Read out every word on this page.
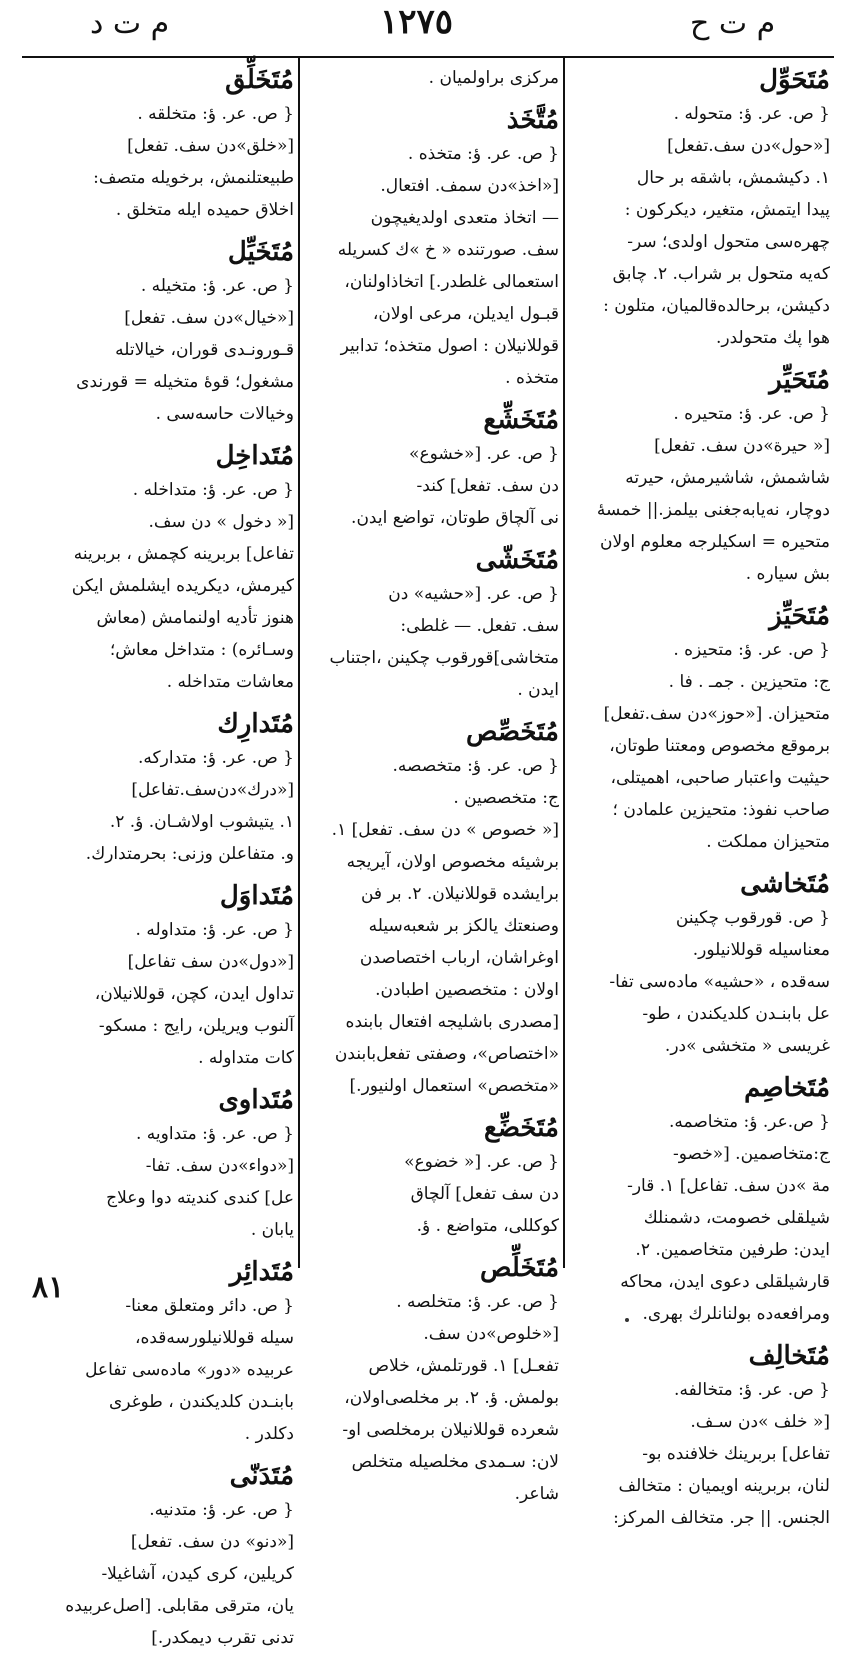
م ت د	١٢٧٥	م ت ح
مُتَحَوِّل
{ ص. عر. ؤ: متحوله .
[«حول»دن سف.تفعل]
١. دكيشمش، باشقه بر حال
پيدا ايتمش، متغير، ديكركون :
چهره‌سى متحول اولدى؛ سر-
كه‌يه متحول بر شراب. ٢. چابق
دكيشن، برحالده‌قالميان، متلون :
هوا پك متحولدر.
مُتَحَيِّر
{ ص. عر. ؤ: متحيره .
[« حيرة»دن سف. تفعل]
شاشمش، شاشيرمش، حيرته
دوچار، نه‌يابه‌جغنى بيلمز.|| خمسهٔ
متحيره = اسكيلرجه معلوم اولان
بش سياره .
مُتَحَيِّز
{ ص. عر. ؤ: متحيزه .
ج: متحيزين . جمـ . فا .
متحيزان. [«حوز»دن سف.تفعل]
برموقع مخصوص ومعتنا طوتان،
حيثيت واعتبار صاحبى، اهميتلى،
صاحب نفوذ: متحيزين علمادن ؛
متحيزان مملكت .
مُتَخاشى
{ ص. قورقوب چكينن
معناسيله قوللانيلور.
سه‌قده ، «حشيه» ماده‌سى تفا-
عل بابنـدن كلديكندن ، طو-
غريسى « متخشى »در.
مُتَخاصِم
{ ص.عر. ؤ: متخاصمه.
ج:متخاصمين. [«خصو-
مة »دن سف. تفاعل] ١. قار-
شيلقلى خصومت، دشمنلك
ايدن: طرفين متخاصمين. ٢.
قارشيلقلى دعوى ايدن، محاكه
ومرافعه‌ده بولنانلرك بهرى.
مُتَخالِف
{ ص. عر. ؤ: متخالفه.
[« خلف »دن سـف.
تفاعل] بربرينك خلافنده بو-
لنان، بربرينه اويميان : متخالف
الجنس. || جر. متخالف المركز:
مركزى براولميان .
مُتَّخَذ
{ ص. عر. ؤ: متخذه .
[«اخذ»دن سمف. افتعال.
— اتخاذ متعدى اولديغيچون
سف. صورتنده « خ »ك كسريله
استعمالى غلطدر.] اتخاذاولنان،
قبـول ايديلن، مرعى اولان،
قوللانيلان : اصول متخذه؛ تدابير
متخذه .
مُتَخَشِّع
{ ص. عر. [«خشوع»
دن سف. تفعل] كند-
نى آلچاق طوتان، تواضع ايدن.
مُتَخَشّى
{ ص. عر. [«حشيه» دن
سف. تفعل. — غلطى:
متخاشى]قورقوب چكينن ،اجتناب
ايدن .
مُتَخَصِّص
{ ص. عر. ؤ: متخصصه.
ج: متخصصين .
[« خصوص » دن سف. تفعل] ١.
برشيئه مخصوص اولان، آيريجه
برايشده قوللانيلان. ٢. بر فن
وصنعتك يالكز بر شعبه‌سيله
اوغراشان، ارباب اختصاصدن
اولان : متخصصين اطبادن.
[مصدرى باشليجه افتعال بابنده
«اختصاص»، وصفتى تفعل‌بابندن
«متخصص» استعمال اولنيور.]
مُتَخَضِّع
{ ص. عر. [« خضوع»
دن سف تفعل] آلچاق
كوكللى، متواضع . ؤ.
مُتَخَلِّص
{ ص. عر. ؤ: متخلصه .
[«خلوص»دن سف.
تفعـل] ١. قورتلمش، خلاص
بولمش. ؤ. ٢. بر مخلصى‌اولان،
شعرده قوللانيلان برمخلصى او-
لان: سـمدى مخلصيله متخلص
شاعر.
مُتَخَلِّق
{ ص. عر. ؤ: متخلقه .
[«خلق»دن سف. تفعل]
طبيعتلنمش، برخويله متصف:
اخلاق حميده ايله متخلق .
مُتَخَيِّل
{ ص. عر. ؤ: متخيله .
[«خيال»دن سف. تفعل]
قـورونـدى قوران، خيالاتله
مشغول؛ قوهٔ متخيله = قورندى
وخيالات حاسه‌سى .
مُتَداخِل
{ ص. عر. ؤ: متداخله .
[« دخول » دن سف.
تفاعل] بربرينه كچمش ، بربرينه
كيرمش، ديكريده ايشلمش ايكن
هنوز تأديه اولنمامش (معاش
وسـائره) : متداخل معاش؛
معاشات متداخله .
مُتَدارِك
{ ص. عر. ؤ: متداركه.
[«درك»دن‌سف.تفاعل]
١. يتيشوب اولاشـان. ؤ. ٢.
و. متفاعلن وزنى: بحرمتدارك.
مُتَداوَل
{ ص. عر. ؤ: متداوله .
[«دول»دن سف تفاعل]
تداول ايدن، كچن، قوللانيلان،
آلنوب ويريلن، رايج : مسكو-
كات متداوله .
مُتَداوى
{ ص. عر. ؤ: متداويه .
[«دواء»دن سف. تفا-
عل] كندى كنديته دوا وعلاج
يابان .
مُتَدائِر
{ ص. دائر ومتعلق معنا-
سيله قوللانيلورسه‌قده،
عربيده «دور» ماده‌سى تفاعل
بابنـدن كلديكندن ، طوغرى
دكلدر .
مُتَدَنّى
{ ص. عر. ؤ: متدنيه.
[«دنو» دن سف. تفعل]
كريلين، كرى كيدن، آشاغيلا-
يان، مترقى مقابلى. [اصل‌عربيده
تدنى تقرب ديمكدر.]
٨١
